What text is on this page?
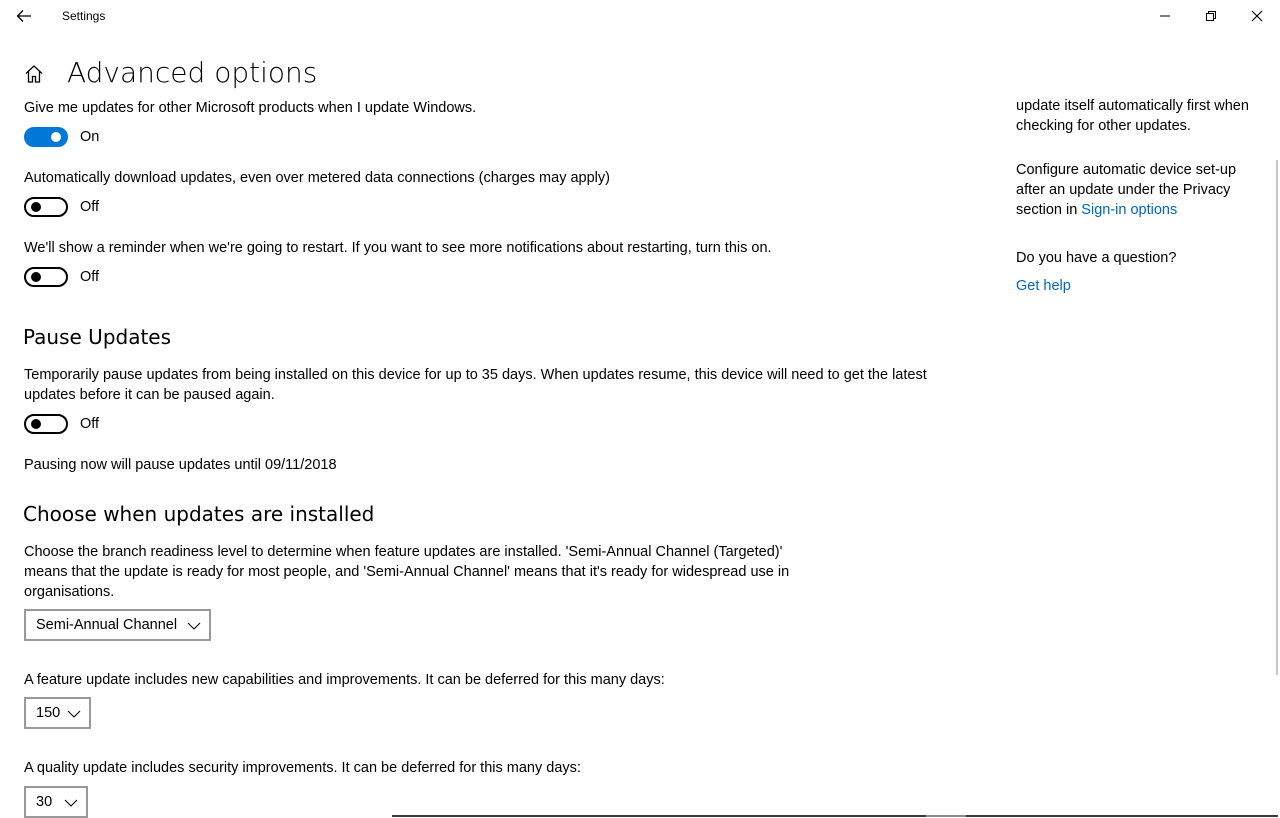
Settings
Advanced options
Give me updates for other Microsoft products when I update Windows.
On
Automatically download updates, even over metered data connections (charges may apply)
Off
We'll show a reminder when we're going to restart. If you want to see more notifications about restarting, turn this on.
Off
Pause Updates
Temporarily pause updates from being installed on this device for up to 35 days. When updates resume, this device will need to get the latest updates before it can be paused again.
Off
Pausing now will pause updates until 09/11/2018
Choose when updates are installed
Choose the branch readiness level to determine when feature updates are installed. 'Semi-Annual Channel (Targeted)' means that the update is ready for most people, and 'Semi-Annual Channel' means that it's ready for widespread use in organisations.
Semi-Annual Channel
A feature update includes new capabilities and improvements. It can be deferred for this many days:
150
A quality update includes security improvements. It can be deferred for this many days:
30
update itself automatically first when checking for other updates.
Configure automatic device set-up after an update under the Privacy section in Sign-in options
Do you have a question?
Get help
